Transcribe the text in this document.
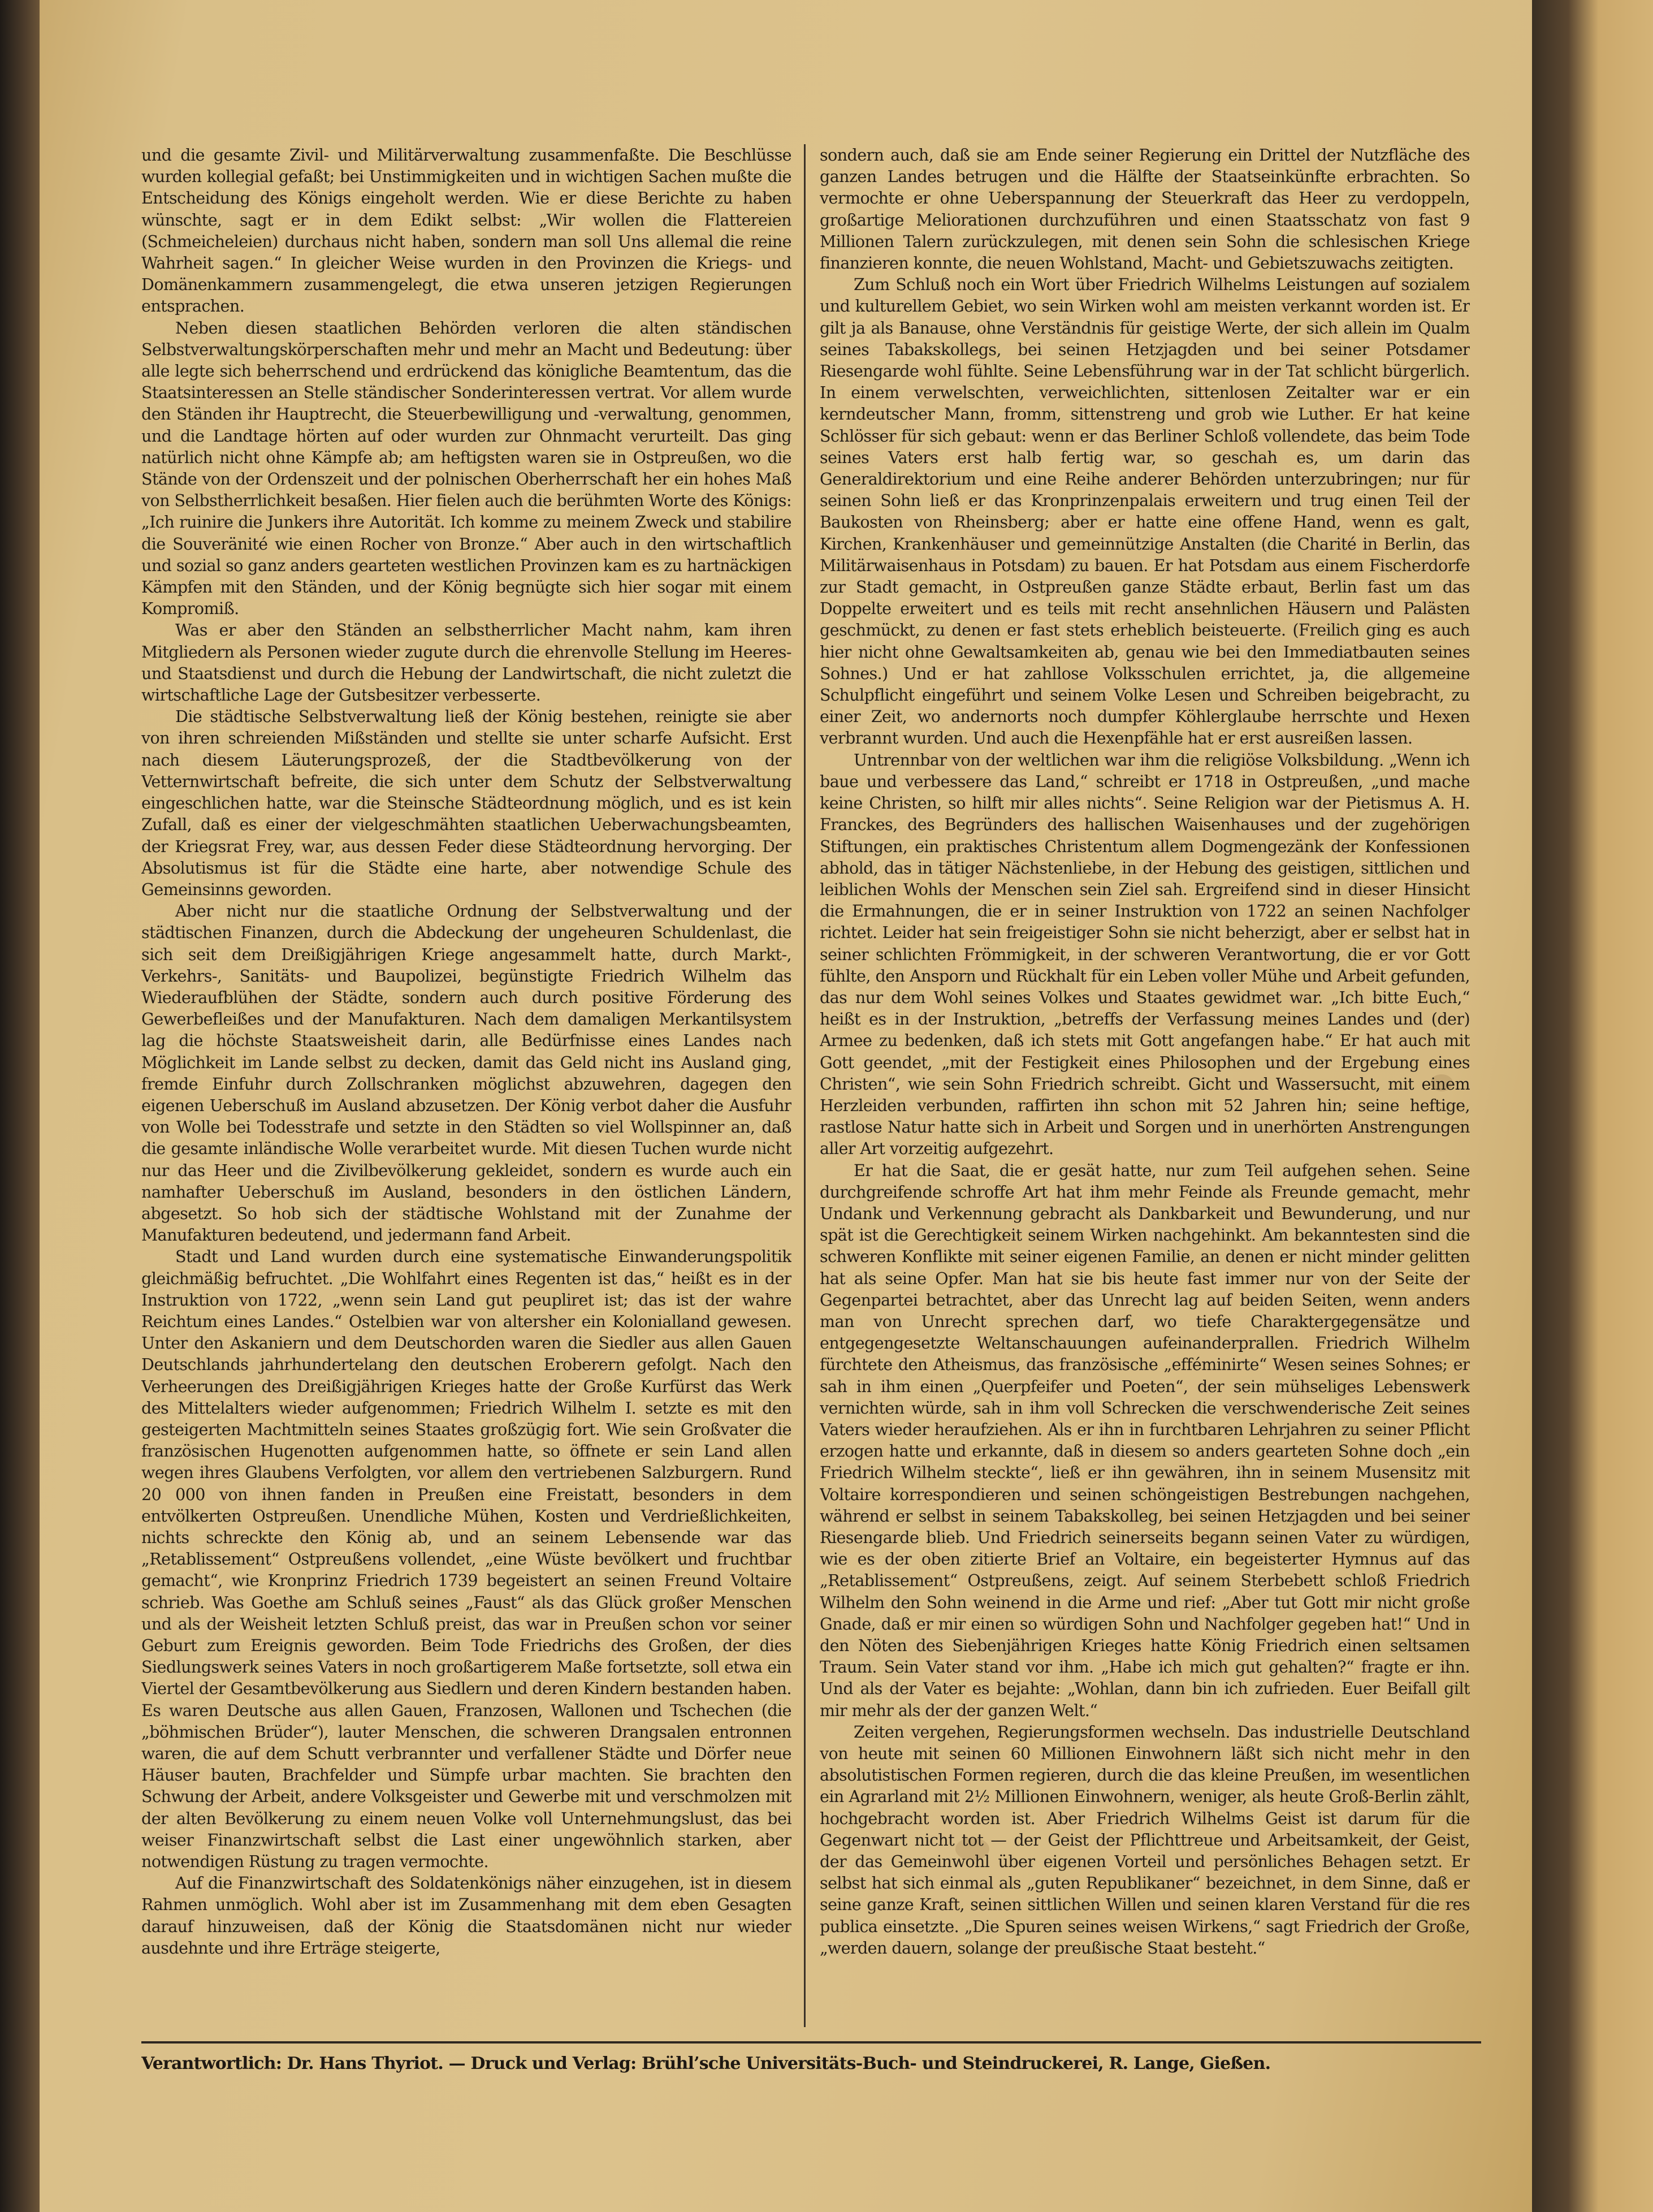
und die gesamte Zivil- und Militärverwaltung zusammenfaßte. Die Beschlüsse wurden kollegial gefaßt; bei Unstimmigkeiten und in wichtigen Sachen mußte die Entscheidung des Königs eingeholt werden. Wie er diese Berichte zu haben wünschte, sagt er in dem Edikt selbst: „Wir wollen die Flattereien (Schmeicheleien) durchaus nicht haben, sondern man soll Uns allemal die reine Wahrheit sagen.“ In gleicher Weise wurden in den Provinzen die Kriegs- und Domänenkammern zusammengelegt, die etwa unseren jetzigen Regierungen entsprachen.

Neben diesen staatlichen Behörden verloren die alten ständischen Selbstverwaltungskörperschaften mehr und mehr an Macht und Bedeutung: über alle legte sich beherrschend und erdrückend das königliche Beamtentum, das die Staatsinteressen an Stelle ständischer Sonderinteressen vertrat. Vor allem wurde den Ständen ihr Hauptrecht, die Steuerbewilligung und -verwaltung, genommen, und die Landtage hörten auf oder wurden zur Ohnmacht verurteilt. Das ging natürlich nicht ohne Kämpfe ab; am heftigsten waren sie in Ostpreußen, wo die Stände von der Ordenszeit und der polnischen Oberherrschaft her ein hohes Maß von Selbstherrlichkeit besaßen. Hier fielen auch die berühmten Worte des Königs: „Ich ruinire die Junkers ihre Autorität. Ich komme zu meinem Zweck und stabilire die Souveränité wie einen Rocher von Bronze.“ Aber auch in den wirtschaftlich und sozial so ganz anders gearteten westlichen Provinzen kam es zu hartnäckigen Kämpfen mit den Ständen, und der König begnügte sich hier sogar mit einem Kompromiß.

Was er aber den Ständen an selbstherrlicher Macht nahm, kam ihren Mitgliedern als Personen wieder zugute durch die ehrenvolle Stellung im Heeres- und Staatsdienst und durch die Hebung der Landwirtschaft, die nicht zuletzt die wirtschaftliche Lage der Gutsbesitzer verbesserte.

Die städtische Selbstverwaltung ließ der König bestehen, reinigte sie aber von ihren schreienden Mißständen und stellte sie unter scharfe Aufsicht. Erst nach diesem Läuterungsprozeß, der die Stadtbevölkerung von der Vetternwirtschaft befreite, die sich unter dem Schutz der Selbstverwaltung eingeschlichen hatte, war die Steinsche Städteordnung möglich, und es ist kein Zufall, daß es einer der vielgeschmähten staatlichen Ueberwachungsbeamten, der Kriegsrat Frey, war, aus dessen Feder diese Städteordnung hervorging. Der Absolutismus ist für die Städte eine harte, aber notwendige Schule des Gemeinsinns geworden.

Aber nicht nur die staatliche Ordnung der Selbstverwaltung und der städtischen Finanzen, durch die Abdeckung der ungeheuren Schuldenlast, die sich seit dem Dreißigjährigen Kriege angesammelt hatte, durch Markt-, Verkehrs-, Sanitäts- und Baupolizei, begünstigte Friedrich Wilhelm das Wiederaufblühen der Städte, sondern auch durch positive Förderung des Gewerbefleißes und der Manufakturen. Nach dem damaligen Merkantilsystem lag die höchste Staatsweisheit darin, alle Bedürfnisse eines Landes nach Möglichkeit im Lande selbst zu decken, damit das Geld nicht ins Ausland ging, fremde Einfuhr durch Zollschranken möglichst abzuwehren, dagegen den eigenen Ueberschuß im Ausland abzusetzen. Der König verbot daher die Ausfuhr von Wolle bei Todesstrafe und setzte in den Städten so viel Wollspinner an, daß die gesamte inländische Wolle verarbeitet wurde. Mit diesen Tuchen wurde nicht nur das Heer und die Zivilbevölkerung gekleidet, sondern es wurde auch ein namhafter Ueberschuß im Ausland, besonders in den östlichen Ländern, abgesetzt. So hob sich der städtische Wohlstand mit der Zunahme der Manufakturen bedeutend, und jedermann fand Arbeit.

Stadt und Land wurden durch eine systematische Einwanderungspolitik gleichmäßig befruchtet. „Die Wohlfahrt eines Regenten ist das,“ heißt es in der Instruktion von 1722, „wenn sein Land gut peupliret ist; das ist der wahre Reichtum eines Landes.“ Ostelbien war von altersher ein Kolonialland gewesen. Unter den Askaniern und dem Deutschorden waren die Siedler aus allen Gauen Deutschlands jahrhundertelang den deutschen Eroberern gefolgt. Nach den Verheerungen des Dreißigjährigen Krieges hatte der Große Kurfürst das Werk des Mittelalters wieder aufgenommen; Friedrich Wilhelm I. setzte es mit den gesteigerten Machtmitteln seines Staates großzügig fort. Wie sein Großvater die französischen Hugenotten aufgenommen hatte, so öffnete er sein Land allen wegen ihres Glaubens Verfolgten, vor allem den vertriebenen Salzburgern. Rund 20 000 von ihnen fanden in Preußen eine Freistatt, besonders in dem entvölkerten Ostpreußen. Unendliche Mühen, Kosten und Verdrießlichkeiten, nichts schreckte den König ab, und an seinem Lebensende war das „Retablissement“ Ostpreußens vollendet, „eine Wüste bevölkert und fruchtbar gemacht“, wie Kronprinz Friedrich 1739 begeistert an seinen Freund Voltaire schrieb. Was Goethe am Schluß seines „Faust“ als das Glück großer Menschen und als der Weisheit letzten Schluß preist, das war in Preußen schon vor seiner Geburt zum Ereignis geworden. Beim Tode Friedrichs des Großen, der dies Siedlungswerk seines Vaters in noch großartigerem Maße fortsetzte, soll etwa ein Viertel der Gesamtbevölkerung aus Siedlern und deren Kindern bestanden haben. Es waren Deutsche aus allen Gauen, Franzosen, Wallonen und Tschechen (die „böhmischen Brüder“), lauter Menschen, die schweren Drangsalen entronnen waren, die auf dem Schutt verbrannter und verfallener Städte und Dörfer neue Häuser bauten, Brachfelder und Sümpfe urbar machten. Sie brachten den Schwung der Arbeit, andere Volksgeister und Gewerbe mit und verschmolzen mit der alten Bevölkerung zu einem neuen Volke voll Unternehmungslust, das bei weiser Finanzwirtschaft selbst die Last einer ungewöhnlich starken, aber notwendigen Rüstung zu tragen vermochte.

Auf die Finanzwirtschaft des Soldatenkönigs näher einzugehen, ist in diesem Rahmen unmöglich. Wohl aber ist im Zusammenhang mit dem eben Gesagten darauf hinzuweisen, daß der König die Staatsdomänen nicht nur wieder ausdehnte und ihre Erträge steigerte,

sondern auch, daß sie am Ende seiner Regierung ein Drittel der Nutzfläche des ganzen Landes betrugen und die Hälfte der Staatseinkünfte erbrachten. So vermochte er ohne Ueberspannung der Steuerkraft das Heer zu verdoppeln, großartige Meliorationen durchzuführen und einen Staatsschatz von fast 9 Millionen Talern zurückzulegen, mit denen sein Sohn die schlesischen Kriege finanzieren konnte, die neuen Wohlstand, Macht- und Gebietszuwachs zeitigten.

Zum Schluß noch ein Wort über Friedrich Wilhelms Leistungen auf sozialem und kulturellem Gebiet, wo sein Wirken wohl am meisten verkannt worden ist. Er gilt ja als Banause, ohne Verständnis für geistige Werte, der sich allein im Qualm seines Tabakskollegs, bei seinen Hetzjagden und bei seiner Potsdamer Riesengarde wohl fühlte. Seine Lebensführung war in der Tat schlicht bürgerlich. In einem verwelschten, verweichlichten, sittenlosen Zeitalter war er ein kerndeutscher Mann, fromm, sittenstreng und grob wie Luther. Er hat keine Schlösser für sich gebaut: wenn er das Berliner Schloß vollendete, das beim Tode seines Vaters erst halb fertig war, so geschah es, um darin das Generaldirektorium und eine Reihe anderer Behörden unterzubringen; nur für seinen Sohn ließ er das Kronprinzenpalais erweitern und trug einen Teil der Baukosten von Rheinsberg; aber er hatte eine offene Hand, wenn es galt, Kirchen, Krankenhäuser und gemeinnützige Anstalten (die Charité in Berlin, das Militärwaisenhaus in Potsdam) zu bauen. Er hat Potsdam aus einem Fischerdorfe zur Stadt gemacht, in Ostpreußen ganze Städte erbaut, Berlin fast um das Doppelte erweitert und es teils mit recht ansehnlichen Häusern und Palästen geschmückt, zu denen er fast stets erheblich beisteuerte. (Freilich ging es auch hier nicht ohne Gewaltsamkeiten ab, genau wie bei den Immediatbauten seines Sohnes.) Und er hat zahllose Volksschulen errichtet, ja, die allgemeine Schulpflicht eingeführt und seinem Volke Lesen und Schreiben beigebracht, zu einer Zeit, wo andernorts noch dumpfer Köhlerglaube herrschte und Hexen verbrannt wurden. Und auch die Hexenpfähle hat er erst ausreißen lassen.

Untrennbar von der weltlichen war ihm die religiöse Volksbildung. „Wenn ich baue und verbessere das Land,“ schreibt er 1718 in Ostpreußen, „und mache keine Christen, so hilft mir alles nichts“. Seine Religion war der Pietismus A. H. Franckes, des Begründers des hallischen Waisenhauses und der zugehörigen Stiftungen, ein praktisches Christentum allem Dogmengezänk der Konfessionen abhold, das in tätiger Nächstenliebe, in der Hebung des geistigen, sittlichen und leiblichen Wohls der Menschen sein Ziel sah. Ergreifend sind in dieser Hinsicht die Ermahnungen, die er in seiner Instruktion von 1722 an seinen Nachfolger richtet. Leider hat sein freigeistiger Sohn sie nicht beherzigt, aber er selbst hat in seiner schlichten Frömmigkeit, in der schweren Verantwortung, die er vor Gott fühlte, den Ansporn und Rückhalt für ein Leben voller Mühe und Arbeit gefunden, das nur dem Wohl seines Volkes und Staates gewidmet war. „Ich bitte Euch,“ heißt es in der Instruktion, „betreffs der Verfassung meines Landes und (der) Armee zu bedenken, daß ich stets mit Gott angefangen habe.“ Er hat auch mit Gott geendet, „mit der Festigkeit eines Philosophen und der Ergebung eines Christen“, wie sein Sohn Friedrich schreibt. Gicht und Wassersucht, mit einem Herzleiden verbunden, raffirten ihn schon mit 52 Jahren hin; seine heftige, rastlose Natur hatte sich in Arbeit und Sorgen und in unerhörten Anstrengungen aller Art vorzeitig aufgezehrt.

Er hat die Saat, die er gesät hatte, nur zum Teil aufgehen sehen. Seine durchgreifende schroffe Art hat ihm mehr Feinde als Freunde gemacht, mehr Undank und Verkennung gebracht als Dankbarkeit und Bewunderung, und nur spät ist die Gerechtigkeit seinem Wirken nachgehinkt. Am bekanntesten sind die schweren Konflikte mit seiner eigenen Familie, an denen er nicht minder gelitten hat als seine Opfer. Man hat sie bis heute fast immer nur von der Seite der Gegenpartei betrachtet, aber das Unrecht lag auf beiden Seiten, wenn anders man von Unrecht sprechen darf, wo tiefe Charaktergegensätze und entgegengesetzte Weltanschauungen aufeinanderprallen. Friedrich Wilhelm fürchtete den Atheismus, das französische „efféminirte“ Wesen seines Sohnes; er sah in ihm einen „Querpfeifer und Poeten“, der sein mühseliges Lebenswerk vernichten würde, sah in ihm voll Schrecken die verschwenderische Zeit seines Vaters wieder heraufziehen. Als er ihn in furchtbaren Lehrjahren zu seiner Pflicht erzogen hatte und erkannte, daß in diesem so anders gearteten Sohne doch „ein Friedrich Wilhelm steckte“, ließ er ihn gewähren, ihn in seinem Musensitz mit Voltaire korrespondieren und seinen schöngeistigen Bestrebungen nachgehen, während er selbst in seinem Tabakskolleg, bei seinen Hetzjagden und bei seiner Riesengarde blieb. Und Friedrich seinerseits begann seinen Vater zu würdigen, wie es der oben zitierte Brief an Voltaire, ein begeisterter Hymnus auf das „Retablissement“ Ostpreußens, zeigt. Auf seinem Sterbebett schloß Friedrich Wilhelm den Sohn weinend in die Arme und rief: „Aber tut Gott mir nicht große Gnade, daß er mir einen so würdigen Sohn und Nachfolger gegeben hat!“ Und in den Nöten des Siebenjährigen Krieges hatte König Friedrich einen seltsamen Traum. Sein Vater stand vor ihm. „Habe ich mich gut gehalten?“ fragte er ihn. Und als der Vater es bejahte: „Wohlan, dann bin ich zufrieden. Euer Beifall gilt mir mehr als der der ganzen Welt.“

Zeiten vergehen, Regierungsformen wechseln. Das industrielle Deutschland von heute mit seinen 60 Millionen Einwohnern läßt sich nicht mehr in den absolutistischen Formen regieren, durch die das kleine Preußen, im wesentlichen ein Agrarland mit 2½ Millionen Einwohnern, weniger, als heute Groß-Berlin zählt, hochgebracht worden ist. Aber Friedrich Wilhelms Geist ist darum für die Gegenwart nicht tot — der Geist der Pflichttreue und Arbeitsamkeit, der Geist, der das Gemeinwohl über eigenen Vorteil und persönliches Behagen setzt. Er selbst hat sich einmal als „guten Republikaner“ bezeichnet, in dem Sinne, daß er seine ganze Kraft, seinen sittlichen Willen und seinen klaren Verstand für die res publica einsetzte. „Die Spuren seines weisen Wirkens,“ sagt Friedrich der Große, „werden dauern, solange der preußische Staat besteht.“

Verantwortlich: Dr. Hans Thyriot. — Druck und Verlag: Brühl’sche Universitäts-Buch- und Steindruckerei, R. Lange, Gießen.
